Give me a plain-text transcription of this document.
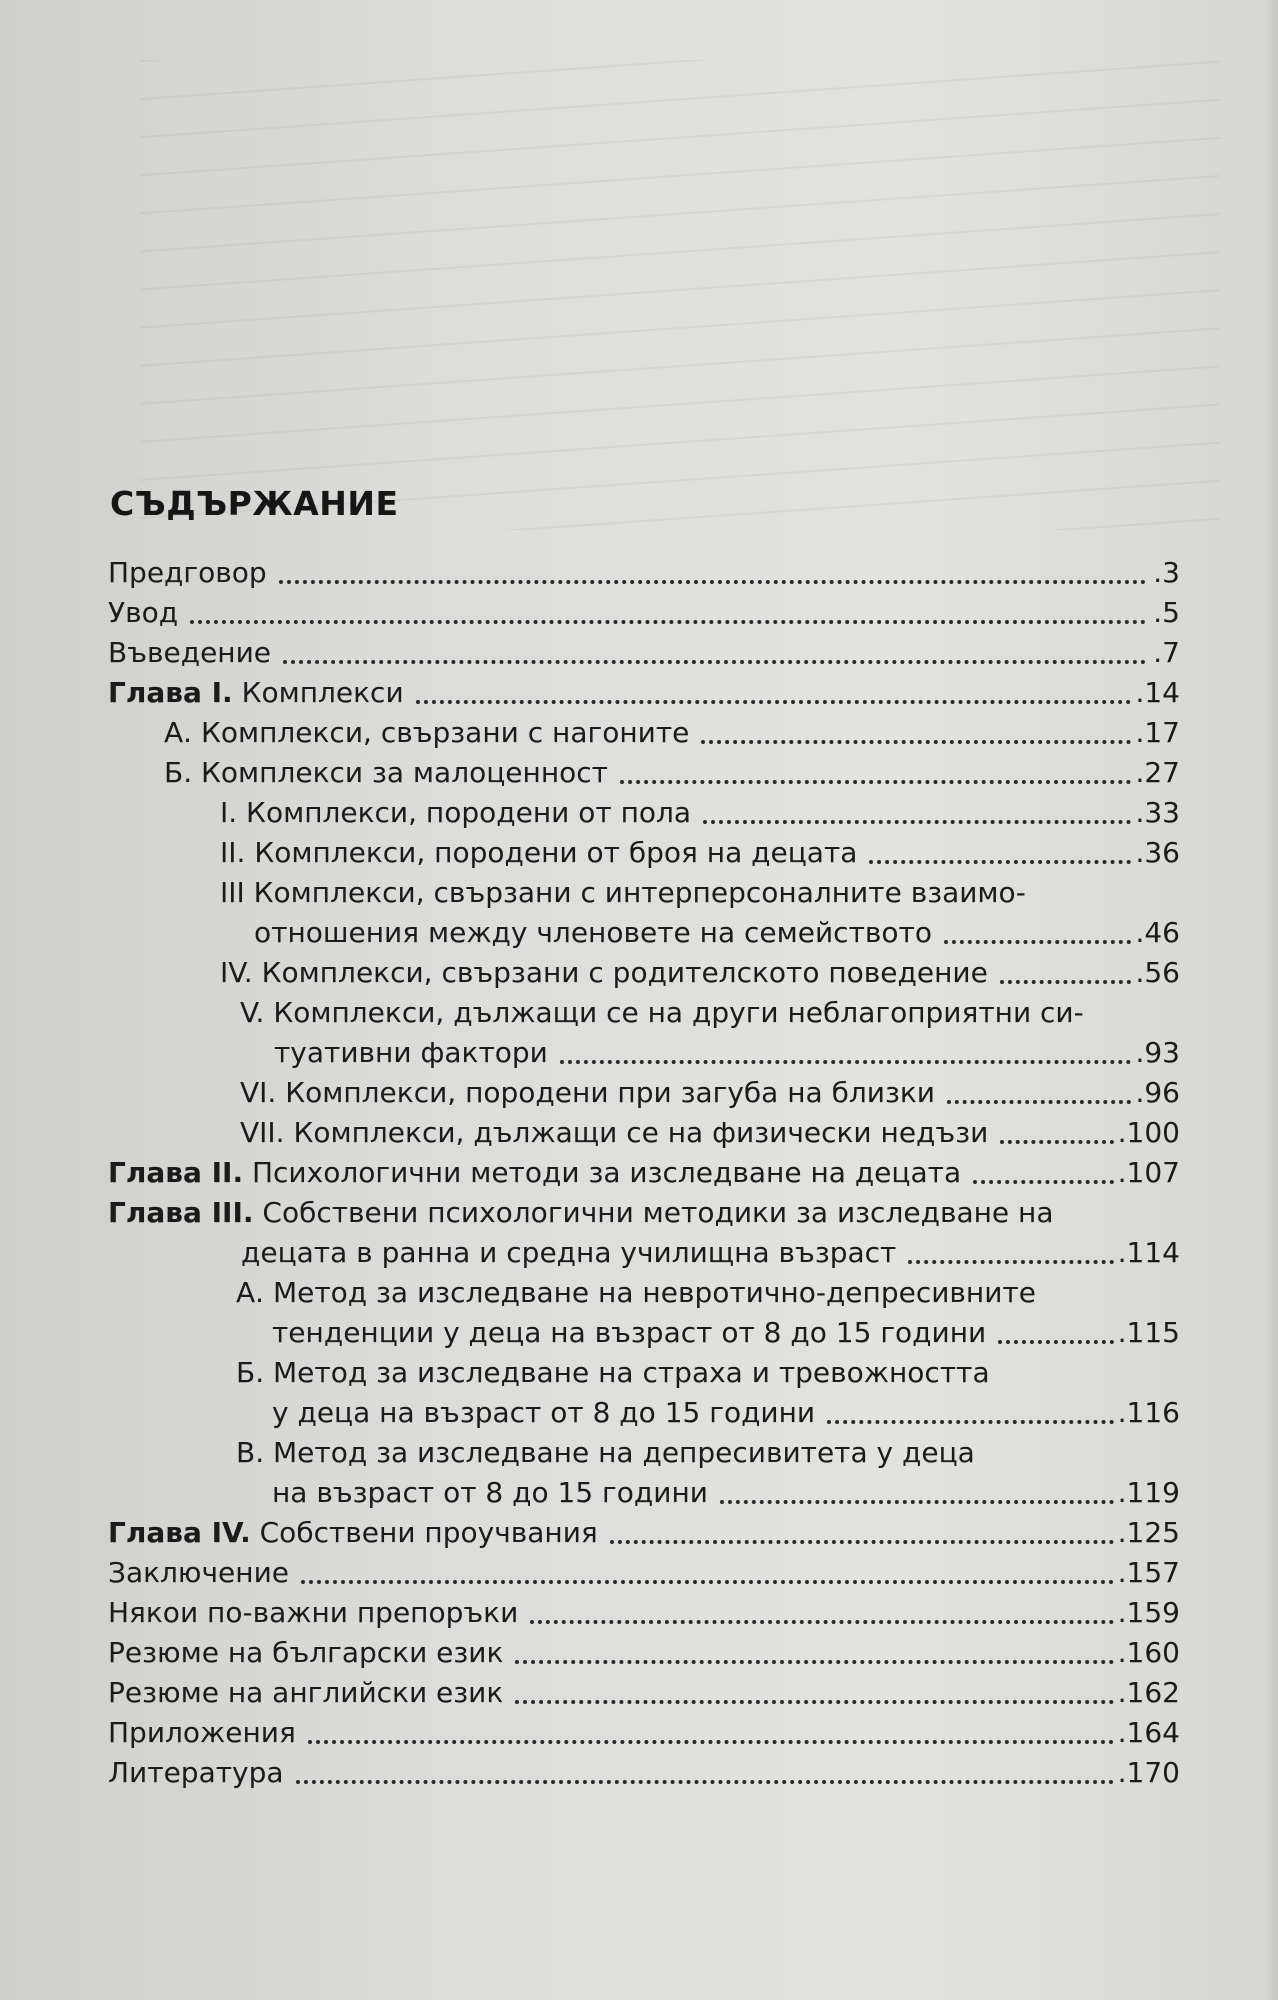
СЪДЪРЖАНИЕ
Предговор	.3
Увод	.5
Въведение	.7
Глава I. Комплекси	.14
А. Комплекси, свързани с нагоните	.17
Б. Комплекси за малоценност	.27
I. Комплекси, породени от пола	.33
II. Комплекси, породени от броя на децата	.36
III Комплекси, свързани с интерперсоналните взаимо-
отношения между членовете на семейството	.46
IV. Комплекси, свързани с родителското поведение	.56
V. Комплекси, дължащи се на други неблагоприятни си-
туативни фактори	.93
VI. Комплекси, породени при загуба на близки	.96
VII. Комплекси, дължащи се на физически недъзи	.100
Глава II. Психологични методи за изследване на децата	.107
Глава III. Собствени психологични методики за изследване на
децата в ранна и средна училищна възраст	.114
А. Метод за изследване на невротично-депресивните
тенденции у деца на възраст от 8 до 15 години	.115
Б. Метод за изследване на страха и тревожността
у деца на възраст от 8 до 15 години	.116
В. Метод за изследване на депресивитета у деца
на възраст от 8 до 15 години	.119
Глава IV. Собствени проучвания	.125
Заключение	.157
Някои по-важни препоръки	.159
Резюме на български език	.160
Резюме на английски език	.162
Приложения	.164
Литература	.170
